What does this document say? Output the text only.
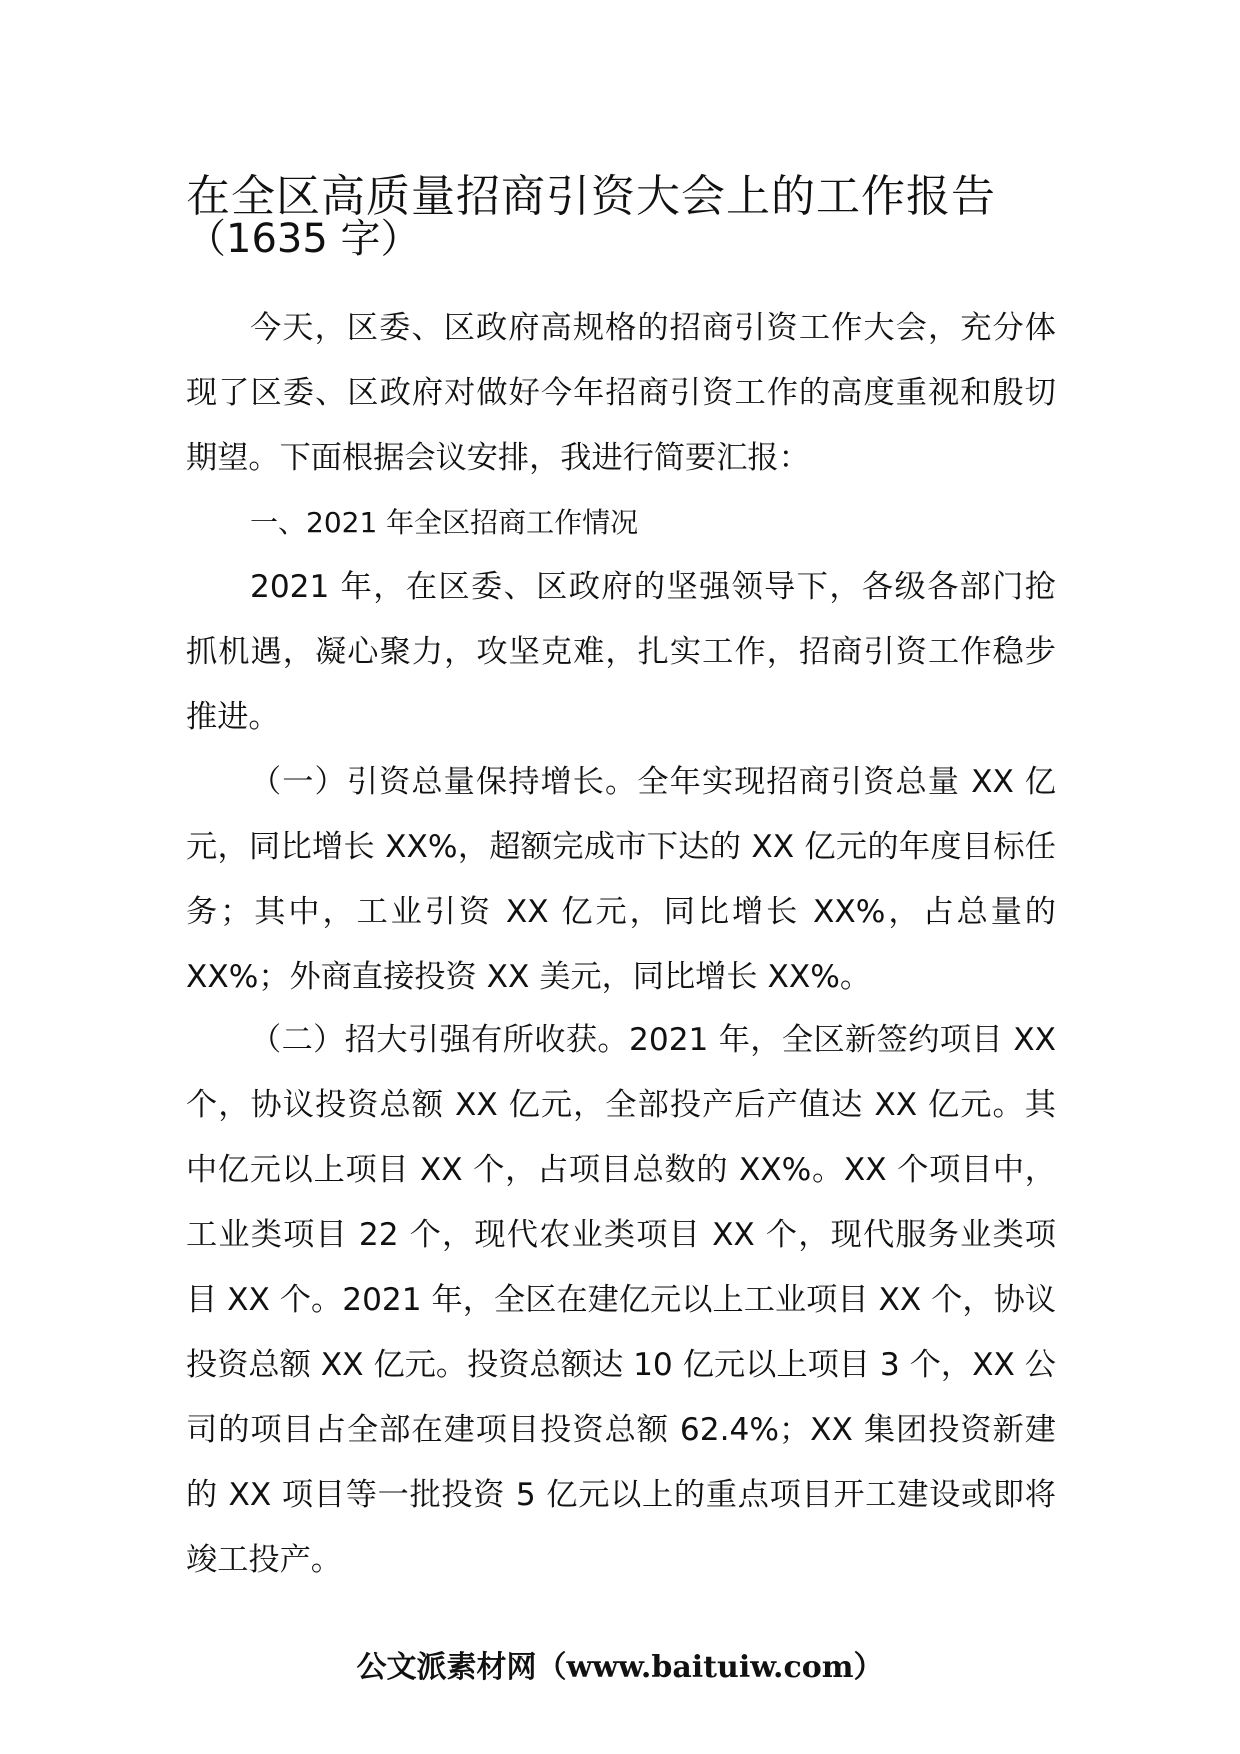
在全区高质量招商引资大会上的工作报告
（1635 字）

今天，区委、区政府高规格的招商引资工作大会，充分体现了区委、区政府对做好今年招商引资工作的高度重视和殷切期望。下面根据会议安排，我进行简要汇报：

一、2021 年全区招商工作情况

2021 年，在区委、区政府的坚强领导下，各级各部门抢抓机遇，凝心聚力，攻坚克难，扎实工作，招商引资工作稳步推进。

（一）引资总量保持增长。全年实现招商引资总量 XX 亿元，同比增长 XX%，超额完成市下达的 XX 亿元的年度目标任务；其中，工业引资 XX 亿元，同比增长 XX%，占总量的 XX%；外商直接投资 XX 美元，同比增长 XX%。

（二）招大引强有所收获。2021 年，全区新签约项目 XX 个，协议投资总额 XX 亿元，全部投产后产值达 XX 亿元。其中亿元以上项目 XX 个，占项目总数的 XX%。XX 个项目中，工业类项目 22 个，现代农业类项目 XX 个，现代服务业类项目 XX 个。2021 年，全区在建亿元以上工业项目 XX 个，协议投资总额 XX 亿元。投资总额达 10 亿元以上项目 3 个，XX 公司的项目占全部在建项目投资总额 62.4%；XX 集团投资新建的 XX 项目等一批投资 5 亿元以上的重点项目开工建设或即将竣工投产。

公文派素材网（www.baituiw.com）
